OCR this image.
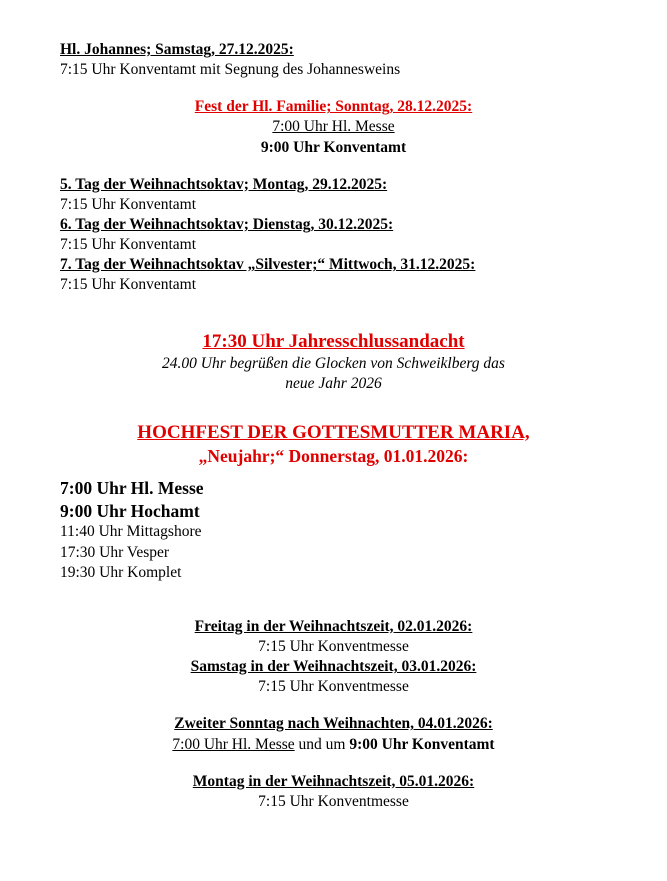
Hl. Johannes; Samstag, 27.12.2025:
7:15 Uhr Konventamt mit Segnung des Johannesweins
Fest der Hl. Familie; Sonntag, 28.12.2025:
7:00 Uhr Hl. Messe
9:00 Uhr Konventamt
5. Tag der Weihnachtsoktav; Montag, 29.12.2025:
7:15 Uhr Konventamt
6. Tag der Weihnachtsoktav; Dienstag, 30.12.2025:
7:15 Uhr Konventamt
7. Tag der Weihnachtsoktav „Silvester;“ Mittwoch, 31.12.2025:
7:15 Uhr Konventamt
17:30 Uhr Jahresschlussandacht
24.00 Uhr begrüßen die Glocken von Schweiklberg das
neue Jahr 2026
HOCHFEST DER GOTTESMUTTER MARIA,
„Neujahr;“ Donnerstag, 01.01.2026:
7:00 Uhr Hl. Messe
9:00 Uhr Hochamt
11:40 Uhr Mittagshore
17:30 Uhr Vesper
19:30 Uhr Komplet
Freitag in der Weihnachtszeit, 02.01.2026:
7:15 Uhr Konventmesse
Samstag in der Weihnachtszeit, 03.01.2026:
7:15 Uhr Konventmesse
Zweiter Sonntag nach Weihnachten, 04.01.2026:
7:00 Uhr Hl. Messe und um 9:00 Uhr Konventamt
Montag in der Weihnachtszeit, 05.01.2026:
7:15 Uhr Konventmesse
